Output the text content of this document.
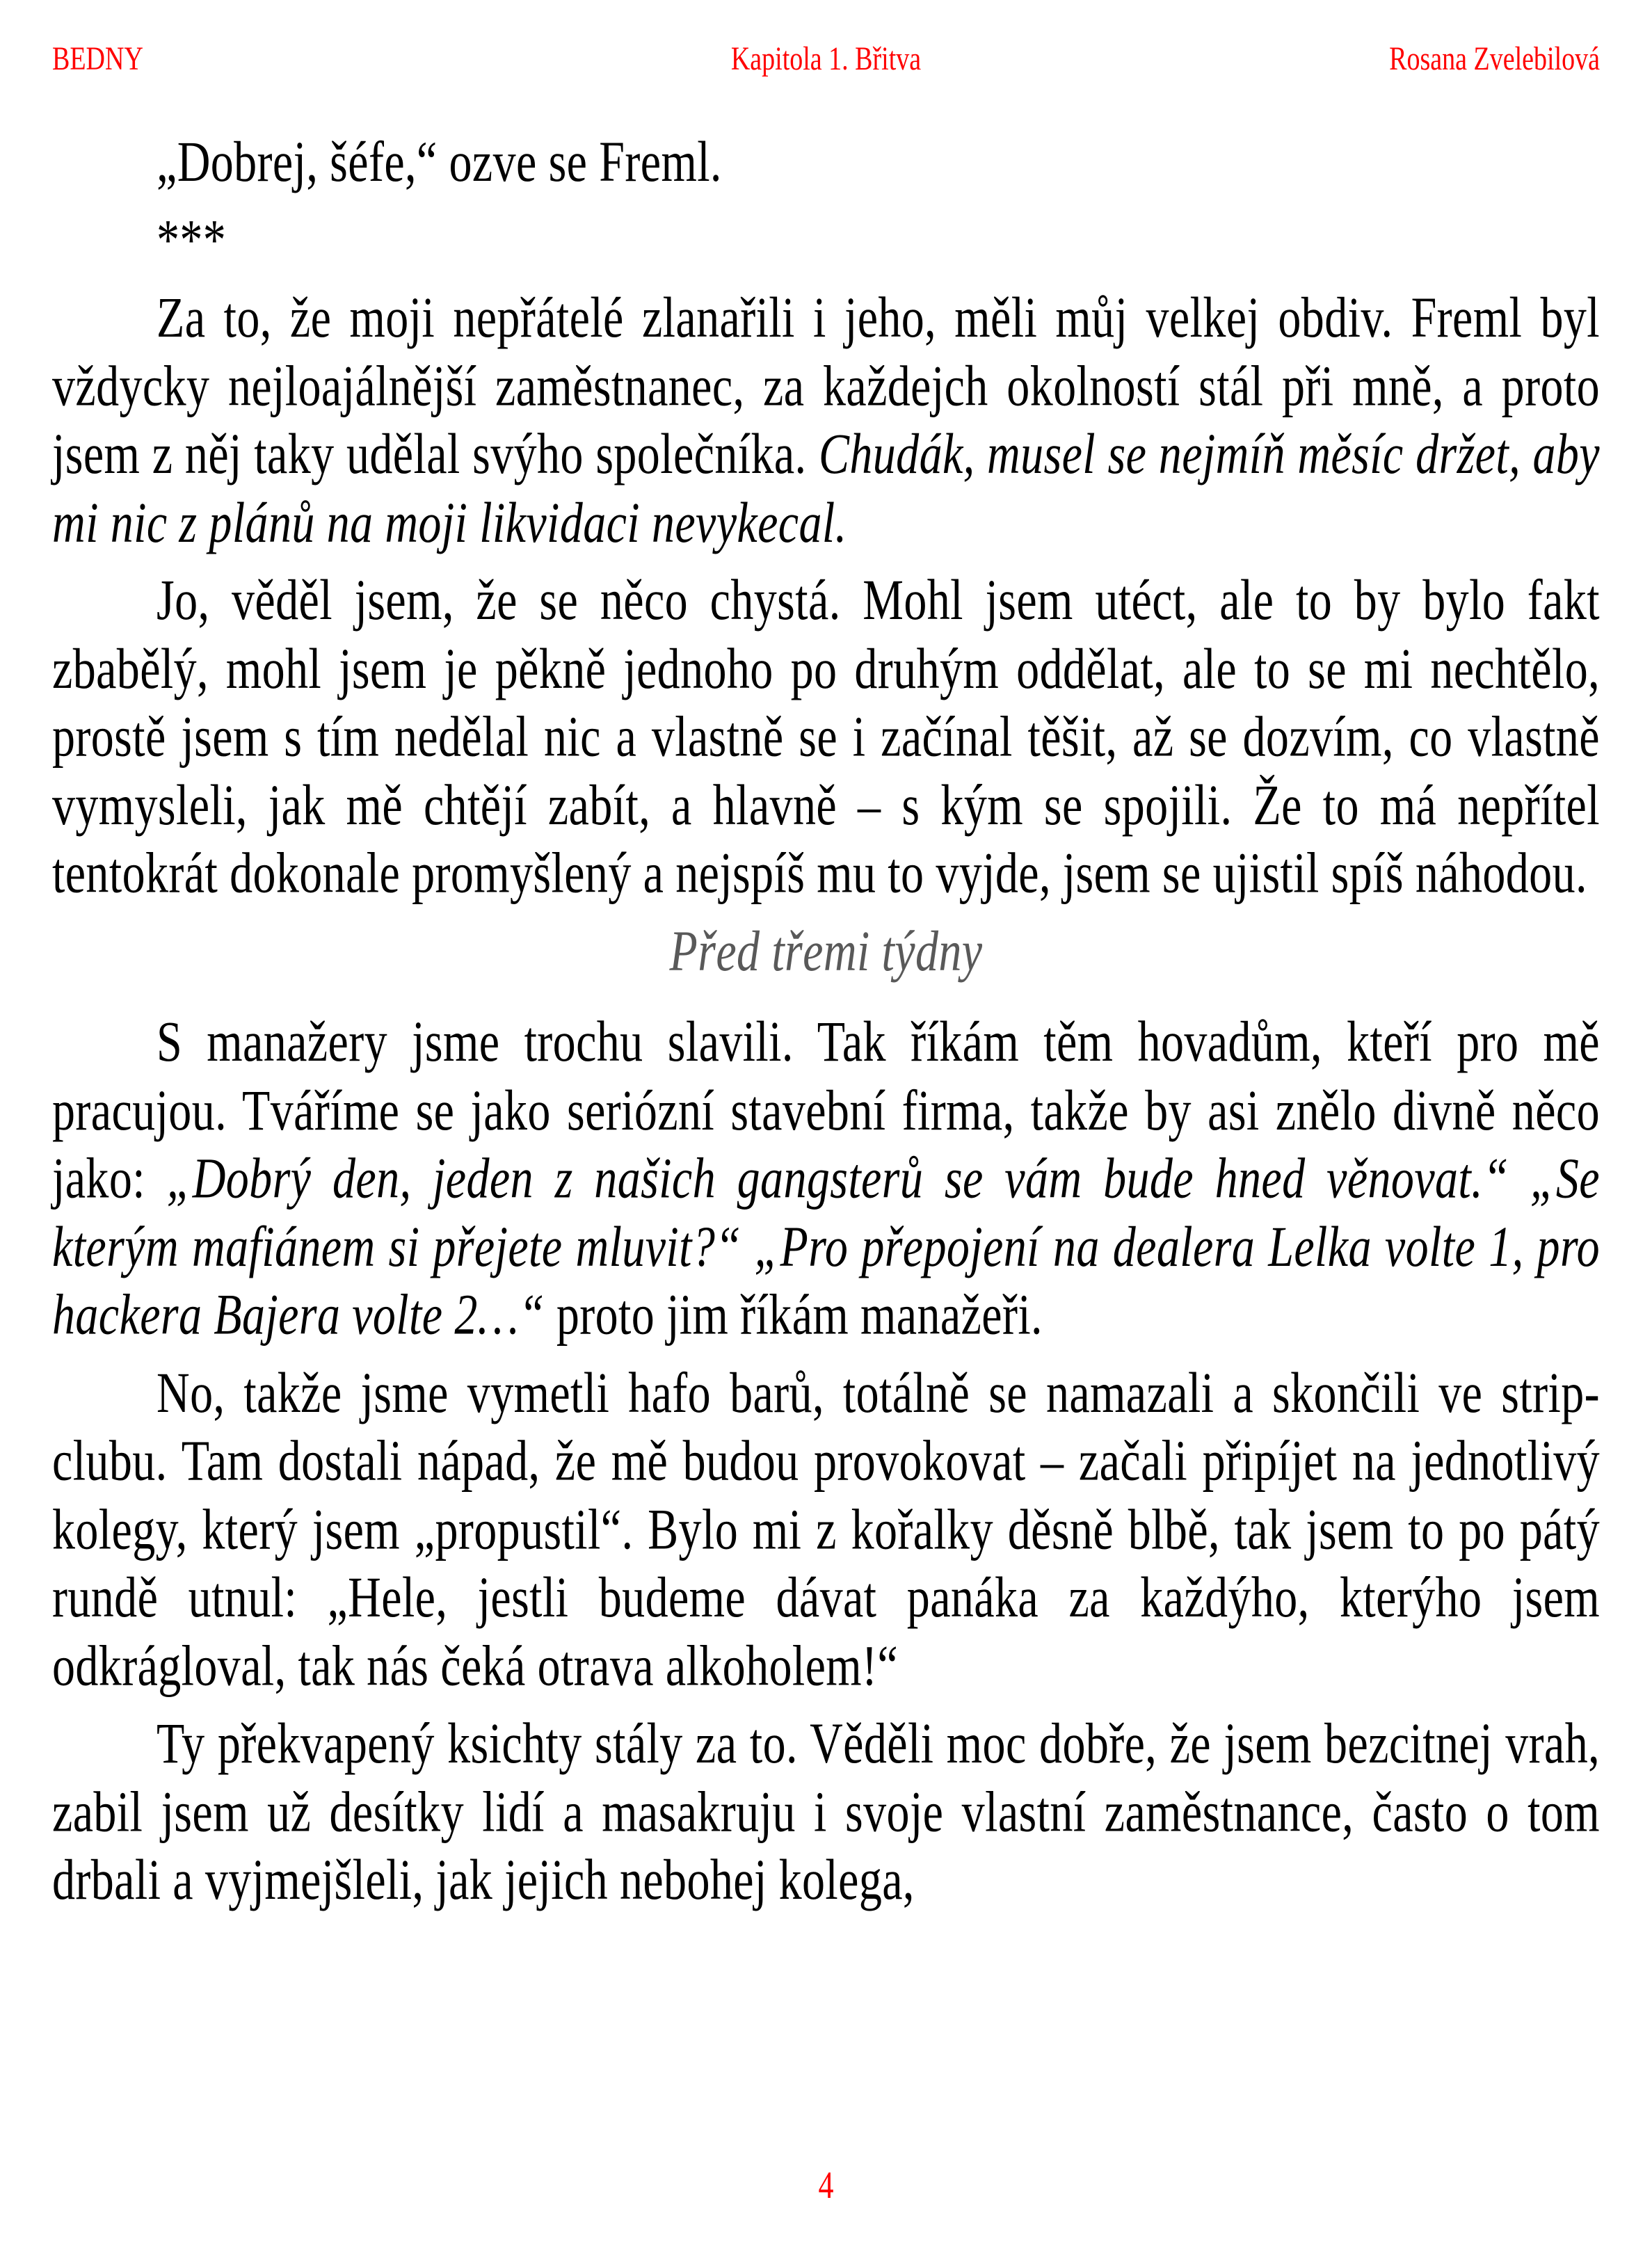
BEDNY	Kapitola 1. Břitva	Rosana Zvelebilová

„Dobrej, šéfe,“ ozve se Freml.

***

Za to, že moji nepřátelé zlanařili i jeho, měli můj velkej obdiv. Freml byl vždycky nejloajálnější zaměstnanec, za každejch okolností stál při mně, a proto jsem z něj taky udělal svýho společníka. Chudák, musel se nejmíň měsíc držet, aby mi nic z plánů na moji likvidaci nevykecal.

Jo, věděl jsem, že se něco chystá. Mohl jsem utéct, ale to by bylo fakt zbabělý, mohl jsem je pěkně jednoho po druhým oddělat, ale to se mi nechtělo, prostě jsem s tím nedělal nic a vlastně se i začínal těšit, až se dozvím, co vlastně vymysleli, jak mě chtějí zabít, a hlavně – s kým se spojili. Že to má nepřítel tentokrát dokonale promyšlený a nejspíš mu to vyjde, jsem se ujistil spíš náhodou.

Před třemi týdny

S manažery jsme trochu slavili. Tak říkám těm hovadům, kteří pro mě pracujou. Tváříme se jako seriózní stavební firma, takže by asi znělo divně něco jako: „Dobrý den, jeden z našich gangsterů se vám bude hned věnovat.“ „Se kterým mafiánem si přejete mluvit?“ „Pro přepojení na dealera Lelka volte 1, pro hackera Bajera volte 2…“ proto jim říkám manažeři.

No, takže jsme vymetli hafo barů, totálně se namazali a skončili ve strip-clubu. Tam dostali nápad, že mě budou provokovat – začali připíjet na jednotlivý kolegy, který jsem „propustil“. Bylo mi z kořalky děsně blbě, tak jsem to po pátý rundě utnul: „Hele, jestli budeme dávat panáka za každýho, kterýho jsem odkrágloval, tak nás čeká otrava alkoholem!“

Ty překvapený ksichty stály za to. Věděli moc dobře, že jsem bezcitnej vrah, zabil jsem už desítky lidí a masakruju i svoje vlastní zaměstnance, často o tom drbali a vyjmejšleli, jak jejich nebohej kolega,

4
